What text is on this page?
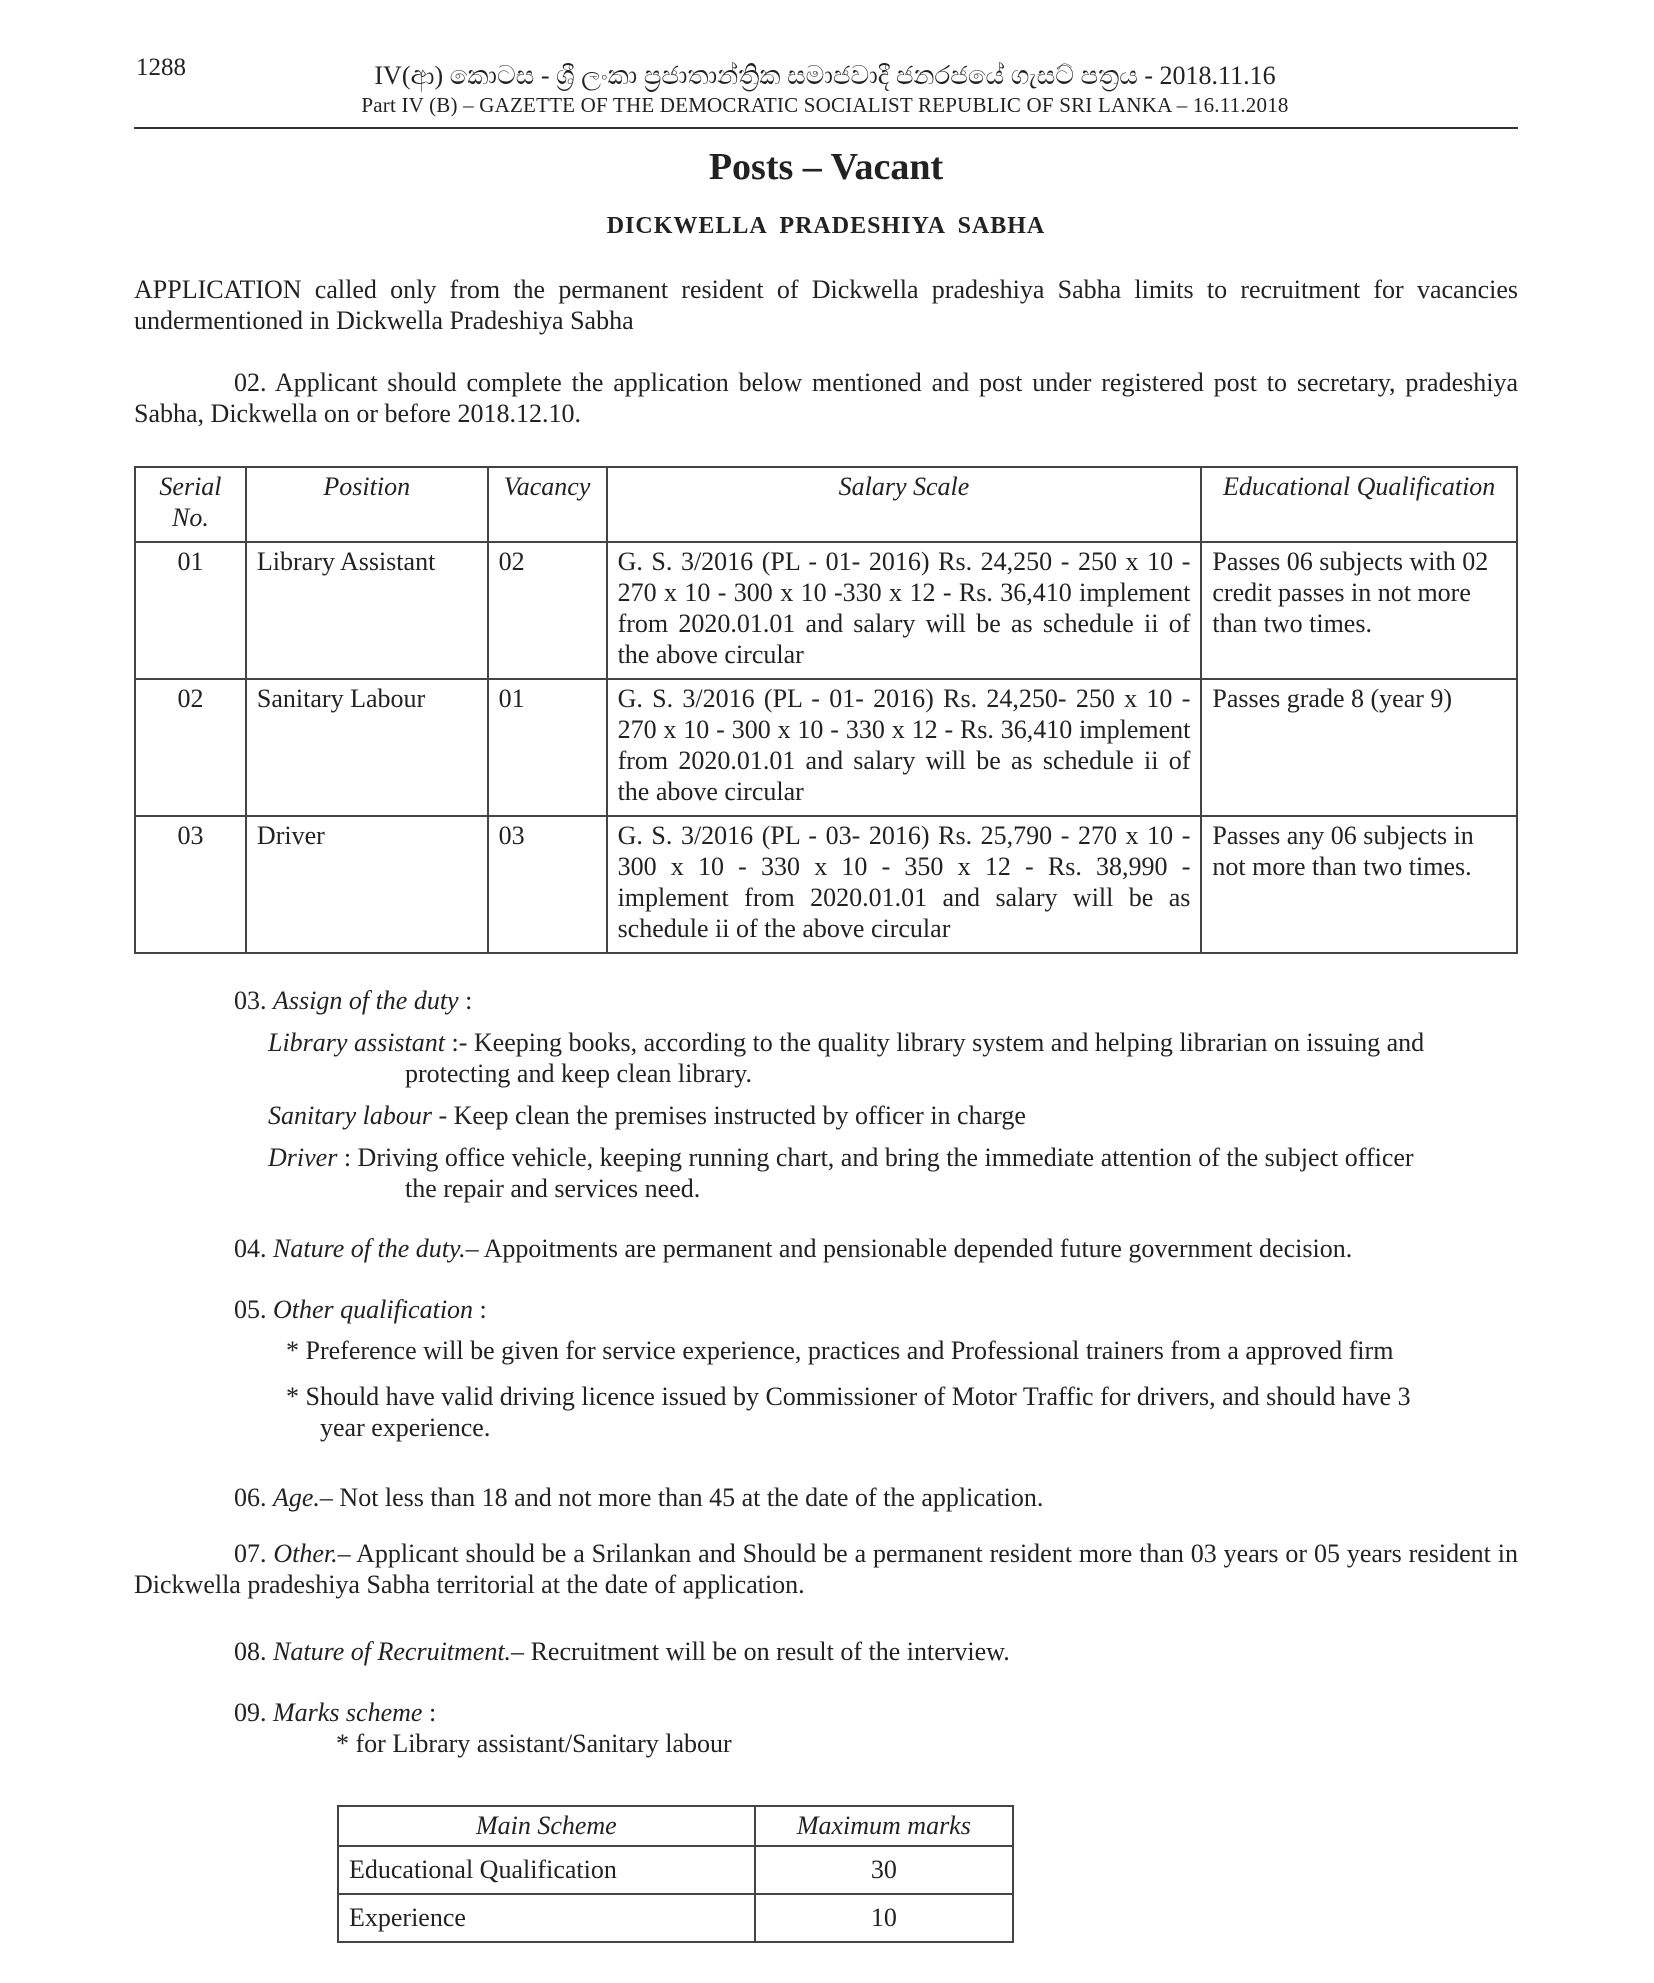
1288	IV(ආ) කොටස - ශ්‍රී ලංකා ප්‍රජාතාන්ත්‍රික සමාජවාදී ජනරජයේ ගැසට් පත්‍රය - 2018.11.16
Part IV (B) – GAZETTE OF THE DEMOCRATIC SOCIALIST REPUBLIC OF SRI LANKA – 16.11.2018
Posts – Vacant
DICKWELLA PRADESHIYA SABHA
APPLICATION called only from the permanent resident of Dickwella pradeshiya Sabha limits to recruitment for vacancies undermentioned in Dickwella Pradeshiya Sabha
02. Applicant should complete the application below mentioned and post under registered post to secretary, pradeshiya Sabha, Dickwella on or before 2018.12.10.
Serial No.	Position	Vacancy	Salary Scale	Educational Qualification
01	Library Assistant	02	G. S. 3/2016 (PL - 01- 2016) Rs. 24,250 - 250 x 10 - 270 x 10 - 300 x 10 -330 x 12 - Rs. 36,410 implement from 2020.01.01 and salary will be as schedule ii of the above circular	Passes 06 subjects with 02 credit passes in not more than two times.
02	Sanitary Labour	01	G. S. 3/2016 (PL - 01- 2016) Rs. 24,250- 250 x 10 - 270 x 10 - 300 x 10 - 330 x 12 - Rs. 36,410 implement from 2020.01.01 and salary will be as schedule ii of the above circular	Passes grade 8 (year 9)
03	Driver	03	G. S. 3/2016 (PL - 03- 2016) Rs. 25,790 - 270 x 10 - 300 x 10 - 330 x 10 - 350 x 12 - Rs. 38,990 - implement from 2020.01.01 and salary will be as schedule ii of the above circular	Passes any 06 subjects in not more than two times.
03. Assign of the duty :
Library assistant :- Keeping books, according to the quality library system and helping librarian on issuing and
protecting and keep clean library.
Sanitary labour - Keep clean the premises instructed by officer in charge
Driver : Driving office vehicle, keeping running chart, and bring the immediate attention of the subject officer
the repair and services need.
04. Nature of the duty.– Appoitments are permanent and pensionable depended future government decision.
05. Other qualification :
* Preference will be given for service experience, practices and Professional trainers from a approved firm
* Should have valid driving licence issued by Commissioner of Motor Traffic for drivers, and should have 3
year experience.
06. Age.– Not less than 18 and not more than 45 at the date of the application.
07. Other.– Applicant should be a Srilankan and Should be a permanent resident more than 03 years or 05 years resident in Dickwella pradeshiya Sabha territorial at the date of application.
08. Nature of Recruitment.– Recruitment will be on result of the interview.
09. Marks scheme :
* for Library assistant/Sanitary labour
Main Scheme	Maximum marks
Educational Qualification	30
Experience	10
